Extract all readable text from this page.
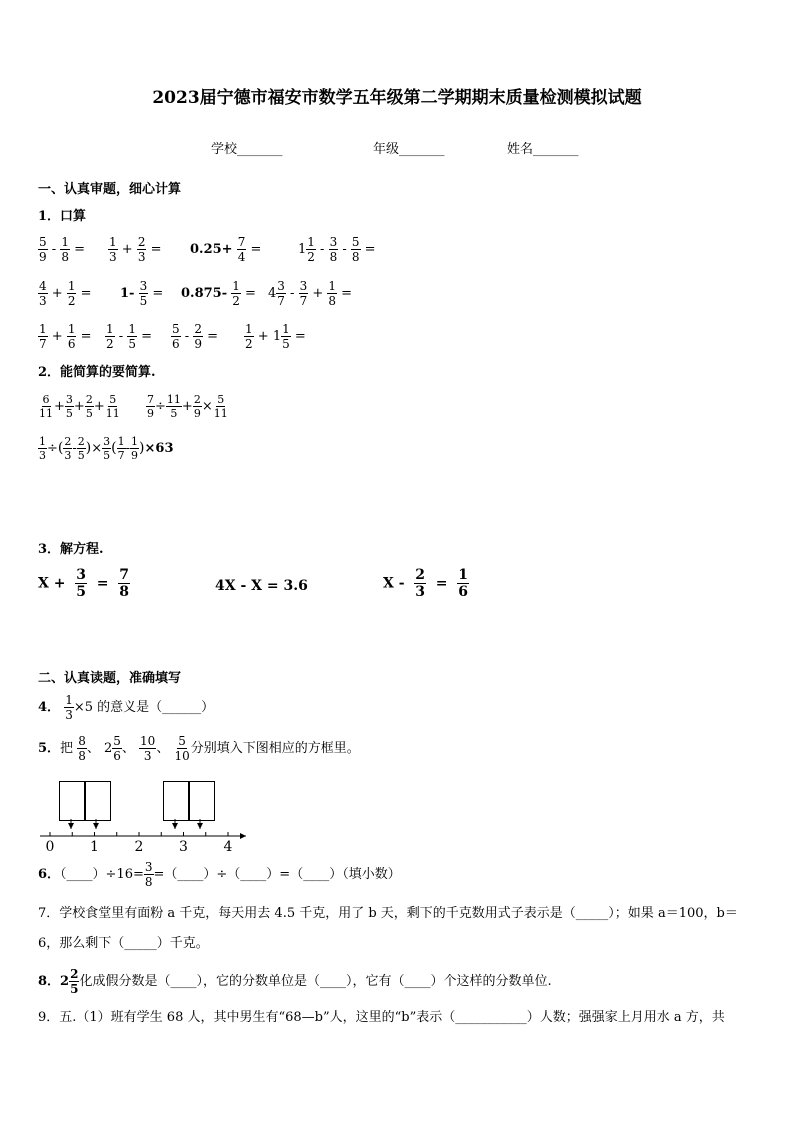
2023届宁德市福安市数学五年级第二学期期末质量检测模拟试题
学校_______	年级_______	姓名_______
一、认真审题，细心计算
1．口算
$\frac{5}{9} - \frac{1}{8} = \frac{1}{3} + \frac{2}{3} = 0.25+ \frac{7}{4}$ =	$1 \frac{1}{2} - \frac{3}{8} - \frac{5}{8}$ =
$\frac{4}{3} + \frac{1}{2} = 1- \frac{3}{5} = 0.875- \frac{1}{2} = 4 \frac{3}{7} - \frac{3}{7} + \frac{1}{8}$ =
$\frac{1}{7} + \frac{1}{6} = \frac{1}{2} - \frac{1}{5} = \frac{5}{6} - \frac{2}{9} = \frac{1}{2} + 1 \frac{1}{5}$ =
2．能简算的要简算.
$\frac{6}{11} + \frac{3}{5} + \frac{2}{5} + \frac{5}{11} \frac{7}{9} \div \frac{11}{5} + \frac{2}{9} \times \frac{5}{11}$
$\frac{1}{3}$ ÷( $\frac{2}{3} - \frac{2}{5}$ )× $\frac{3}{5}$ ( $\frac{1}{7} - \frac{1}{9} )\times 63$
3．解方程.
$X + \frac{3}{5} = \frac{7}{8}$	4X - X = 3.6	$X - \frac{2}{3} = \frac{1}{6}$
二、认真读题，准确填写
4． $\frac{1}{3} \times 5$ 的意义是（______）
5．把 $\frac{8}{8}$ 、 $2 \frac{5}{6}$ 、 $\frac{10}{3}$ 、 $\frac{5}{10}$ 分别填入下图相应的方框里。
0	1	2	3	4
6．（____）÷16= $\frac{3}{8}$ =（____）÷（____）=（____）（填小数）
7．学校食堂里有面粉 a 千克，每天用去 4.5 千克，用了 b 天，剩下的千克数用式子表示是（_____）；如果 a＝100，b＝
6，那么剩下（_____）千克。
8．$2 \frac{2}{5}$ 化成假分数是（____），它的分数单位是（____），它有（____）个这样的分数单位.
9．五.（1）班有学生 68 人，其中男生有“68—b”人，这里的“b”表示（___________）人数；强强家上月用水 a 方，共
